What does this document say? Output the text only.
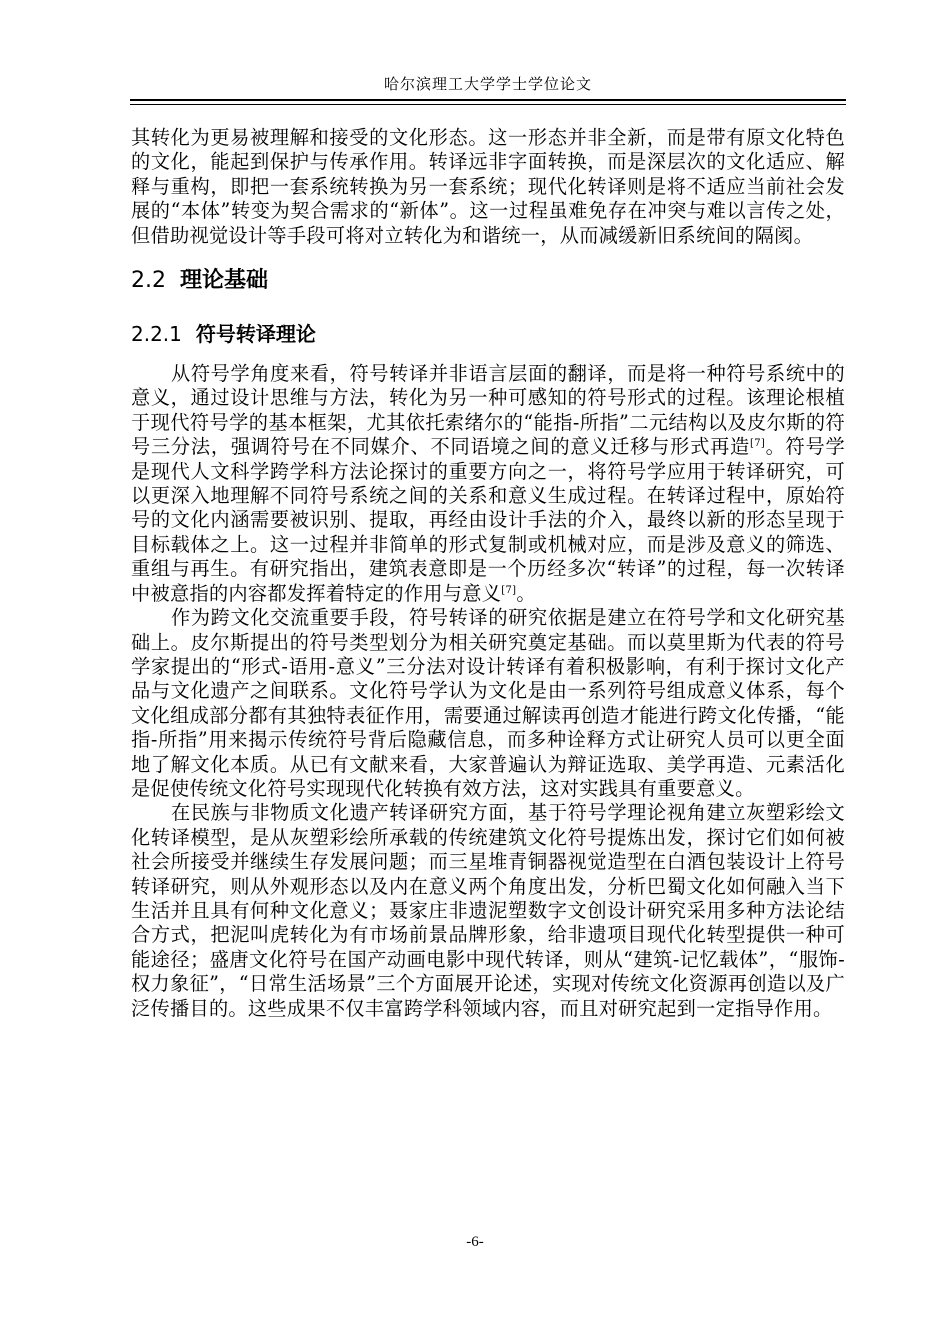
哈尔滨理工大学学士学位论文

其转化为更易被理解和接受的文化形态。这一形态并非全新，而是带有原文化特色的文化，能起到保护与传承作用。转译远非字面转换，而是深层次的文化适应、解释与重构，即把一套系统转换为另一套系统；现代化转译则是将不适应当前社会发展的“本体”转变为契合需求的“新体”。这一过程虽难免存在冲突与难以言传之处，但借助视觉设计等手段可将对立转化为和谐统一，从而减缓新旧系统间的隔阂。

2.2 理论基础
2.2.1 符号转译理论

从符号学角度来看，符号转译并非语言层面的翻译，而是将一种符号系统中的意义，通过设计思维与方法，转化为另一种可感知的符号形式的过程。该理论根植于现代符号学的基本框架，尤其依托索绪尔的“能指-所指”二元结构以及皮尔斯的符号三分法，强调符号在不同媒介、不同语境之间的意义迁移与形式再造[7]。符号学是现代人文科学跨学科方法论探讨的重要方向之一，将符号学应用于转译研究，可以更深入地理解不同符号系统之间的关系和意义生成过程。在转译过程中，原始符号的文化内涵需要被识别、提取，再经由设计手法的介入，最终以新的形态呈现于目标载体之上。这一过程并非简单的形式复制或机械对应，而是涉及意义的筛选、重组与再生。有研究指出，建筑表意即是一个历经多次“转译”的过程，每一次转译中被意指的内容都发挥着特定的作用与意义[7]。

作为跨文化交流重要手段，符号转译的研究依据是建立在符号学和文化研究基础上。皮尔斯提出的符号类型划分为相关研究奠定基础。而以莫里斯为代表的符号学家提出的“形式-语用-意义”三分法对设计转译有着积极影响，有利于探讨文化产品与文化遗产之间联系。文化符号学认为文化是由一系列符号组成意义体系，每个文化组成部分都有其独特表征作用，需要通过解读再创造才能进行跨文化传播，“能指-所指”用来揭示传统符号背后隐藏信息，而多种诠释方式让研究人员可以更全面地了解文化本质。从已有文献来看，大家普遍认为辩证选取、美学再造、元素活化是促使传统文化符号实现现代化转换有效方法，这对实践具有重要意义。

在民族与非物质文化遗产转译研究方面，基于符号学理论视角建立灰塑彩绘文化转译模型，是从灰塑彩绘所承载的传统建筑文化符号提炼出发，探讨它们如何被社会所接受并继续生存发展问题；而三星堆青铜器视觉造型在白酒包装设计上符号转译研究，则从外观形态以及内在意义两个角度出发，分析巴蜀文化如何融入当下生活并且具有何种文化意义；聂家庄非遗泥塑数字文创设计研究采用多种方法论结合方式，把泥叫虎转化为有市场前景品牌形象，给非遗项目现代化转型提供一种可能途径；盛唐文化符号在国产动画电影中现代转译，则从“建筑-记忆载体”，“服饰-权力象征”，“日常生活场景”三个方面展开论述，实现对传统文化资源再创造以及广泛传播目的。这些成果不仅丰富跨学科领域内容，而且对研究起到一定指导作用。

-6-
